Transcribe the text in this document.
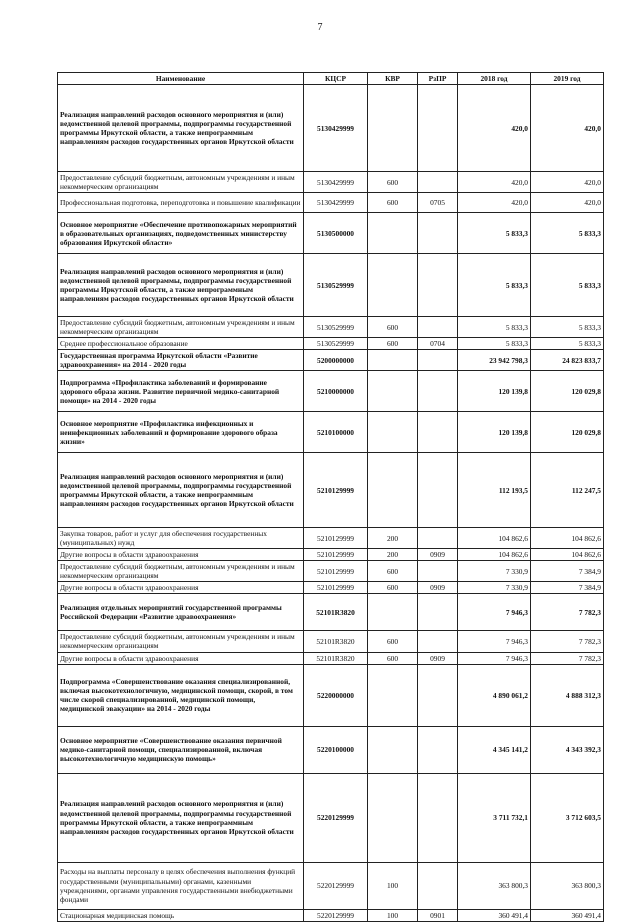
7
Наименование	КЦСР	КВР	РзПР	2018 год	2019 год
Реализация направлений расходов основного мероприятия и (или) ведомственной целевой программы, подпрограммы государственной программы Иркутской области, а также непрограммным направлениям расходов государственных органов Иркутской области	5130429999			420,0	420,0
Предоставление субсидий бюджетным, автономным учреждениям и иным некоммерческим организациям	5130429999	600		420,0	420,0
Профессиональная подготовка, переподготовка и повышение квалификации	5130429999	600	0705	420,0	420,0
Основное мероприятие «Обеспечение противопожарных мероприятий в образовательных организациях, подведомственных министерству образования Иркутской области»	5130500000			5 833,3	5 833,3
Реализация направлений расходов основного мероприятия и (или) ведомственной целевой программы, подпрограммы государственной программы Иркутской области, а также непрограммным направлениям расходов государственных органов Иркутской области	5130529999			5 833,3	5 833,3
Предоставление субсидий бюджетным, автономным учреждениям и иным некоммерческим организациям	5130529999	600		5 833,3	5 833,3
Среднее профессиональное образование	5130529999	600	0704	5 833,3	5 833,3
Государственная программа Иркутской области «Развитие здравоохранения» на 2014 - 2020 годы	5200000000			23 942 798,3	24 823 833,7
Подпрограмма «Профилактика заболеваний и формирование здорового образа жизни. Развитие первичной медико-санитарной помощи» на 2014 - 2020 годы	5210000000			120 139,8	120 029,8
Основное мероприятие «Профилактика инфекционных и неинфекционных заболеваний и формирование здорового образа жизни»	5210100000			120 139,8	120 029,8
Реализация направлений расходов основного мероприятия и (или) ведомственной целевой программы, подпрограммы государственной программы Иркутской области, а также непрограммным направлениям расходов государственных органов Иркутской области	5210129999			112 193,5	112 247,5
Закупка товаров, работ и услуг для обеспечения государственных (муниципальных) нужд	5210129999	200		104 862,6	104 862,6
Другие вопросы в области здравоохранения	5210129999	200	0909	104 862,6	104 862,6
Предоставление субсидий бюджетным, автономным учреждениям и иным некоммерческим организациям	5210129999	600		7 330,9	7 384,9
Другие вопросы в области здравоохранения	5210129999	600	0909	7 330,9	7 384,9
Реализация отдельных мероприятий государственной программы Российской Федерации «Развитие здравоохранения»	52101R3820			7 946,3	7 782,3
Предоставление субсидий бюджетным, автономным учреждениям и иным некоммерческим организациям	52101R3820	600		7 946,3	7 782,3
Другие вопросы в области здравоохранения	52101R3820	600	0909	7 946,3	7 782,3
Подпрограмма «Совершенствование оказания специализированной, включая высокотехнологичную, медицинской помощи, скорой, в том числе скорой специализированной, медицинской помощи, медицинской эвакуации» на 2014 - 2020 годы	5220000000			4 890 061,2	4 888 312,3
Основное мероприятие «Совершенствование оказания первичной медико-санитарной помощи, специализированной, включая высокотехнологичную медицинскую помощь»	5220100000			4 345 141,2	4 343 392,3
Реализация направлений расходов основного мероприятия и (или) ведомственной целевой программы, подпрограммы государственной программы Иркутской области, а также непрограммным направлениям расходов государственных органов Иркутской области	5220129999			3 711 732,1	3 712 603,5
Расходы на выплаты персоналу в целях обеспечения выполнения функций государственными (муниципальными) органами, казенными учреждениями, органами управления государственными внебюджетными фондами	5220129999	100		363 800,3	363 800,3
Стационарная медицинская помощь	5220129999	100	0901	360 491,4	360 491,4
